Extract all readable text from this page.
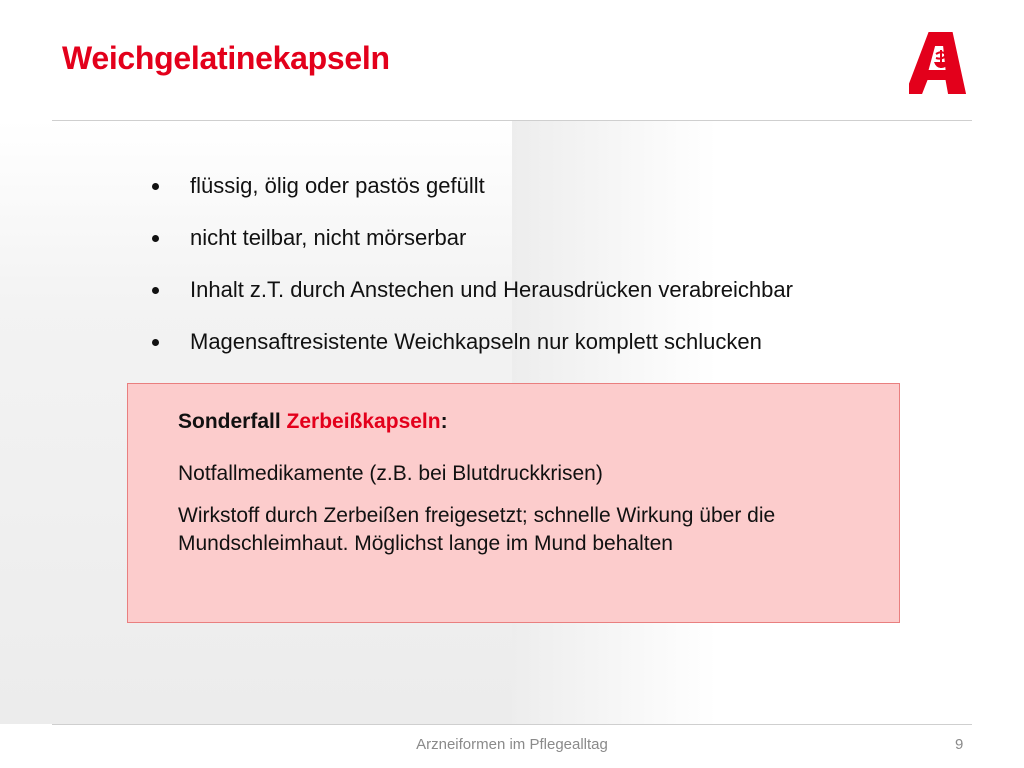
Weichgelatinekapseln
flüssig, ölig oder pastös gefüllt
nicht teilbar, nicht mörserbar
Inhalt z.T. durch Anstechen und Herausdrücken verabreichbar
Magensaftresistente Weichkapseln nur komplett schlucken
Sonderfall Zerbeißkapseln:
Notfallmedikamente (z.B. bei Blutdruckkrisen)
Wirkstoff durch Zerbeißen freigesetzt; schnelle Wirkung über die Mundschleimhaut. Möglichst lange im Mund behalten
Arzneiformen im Pflegealltag	9
